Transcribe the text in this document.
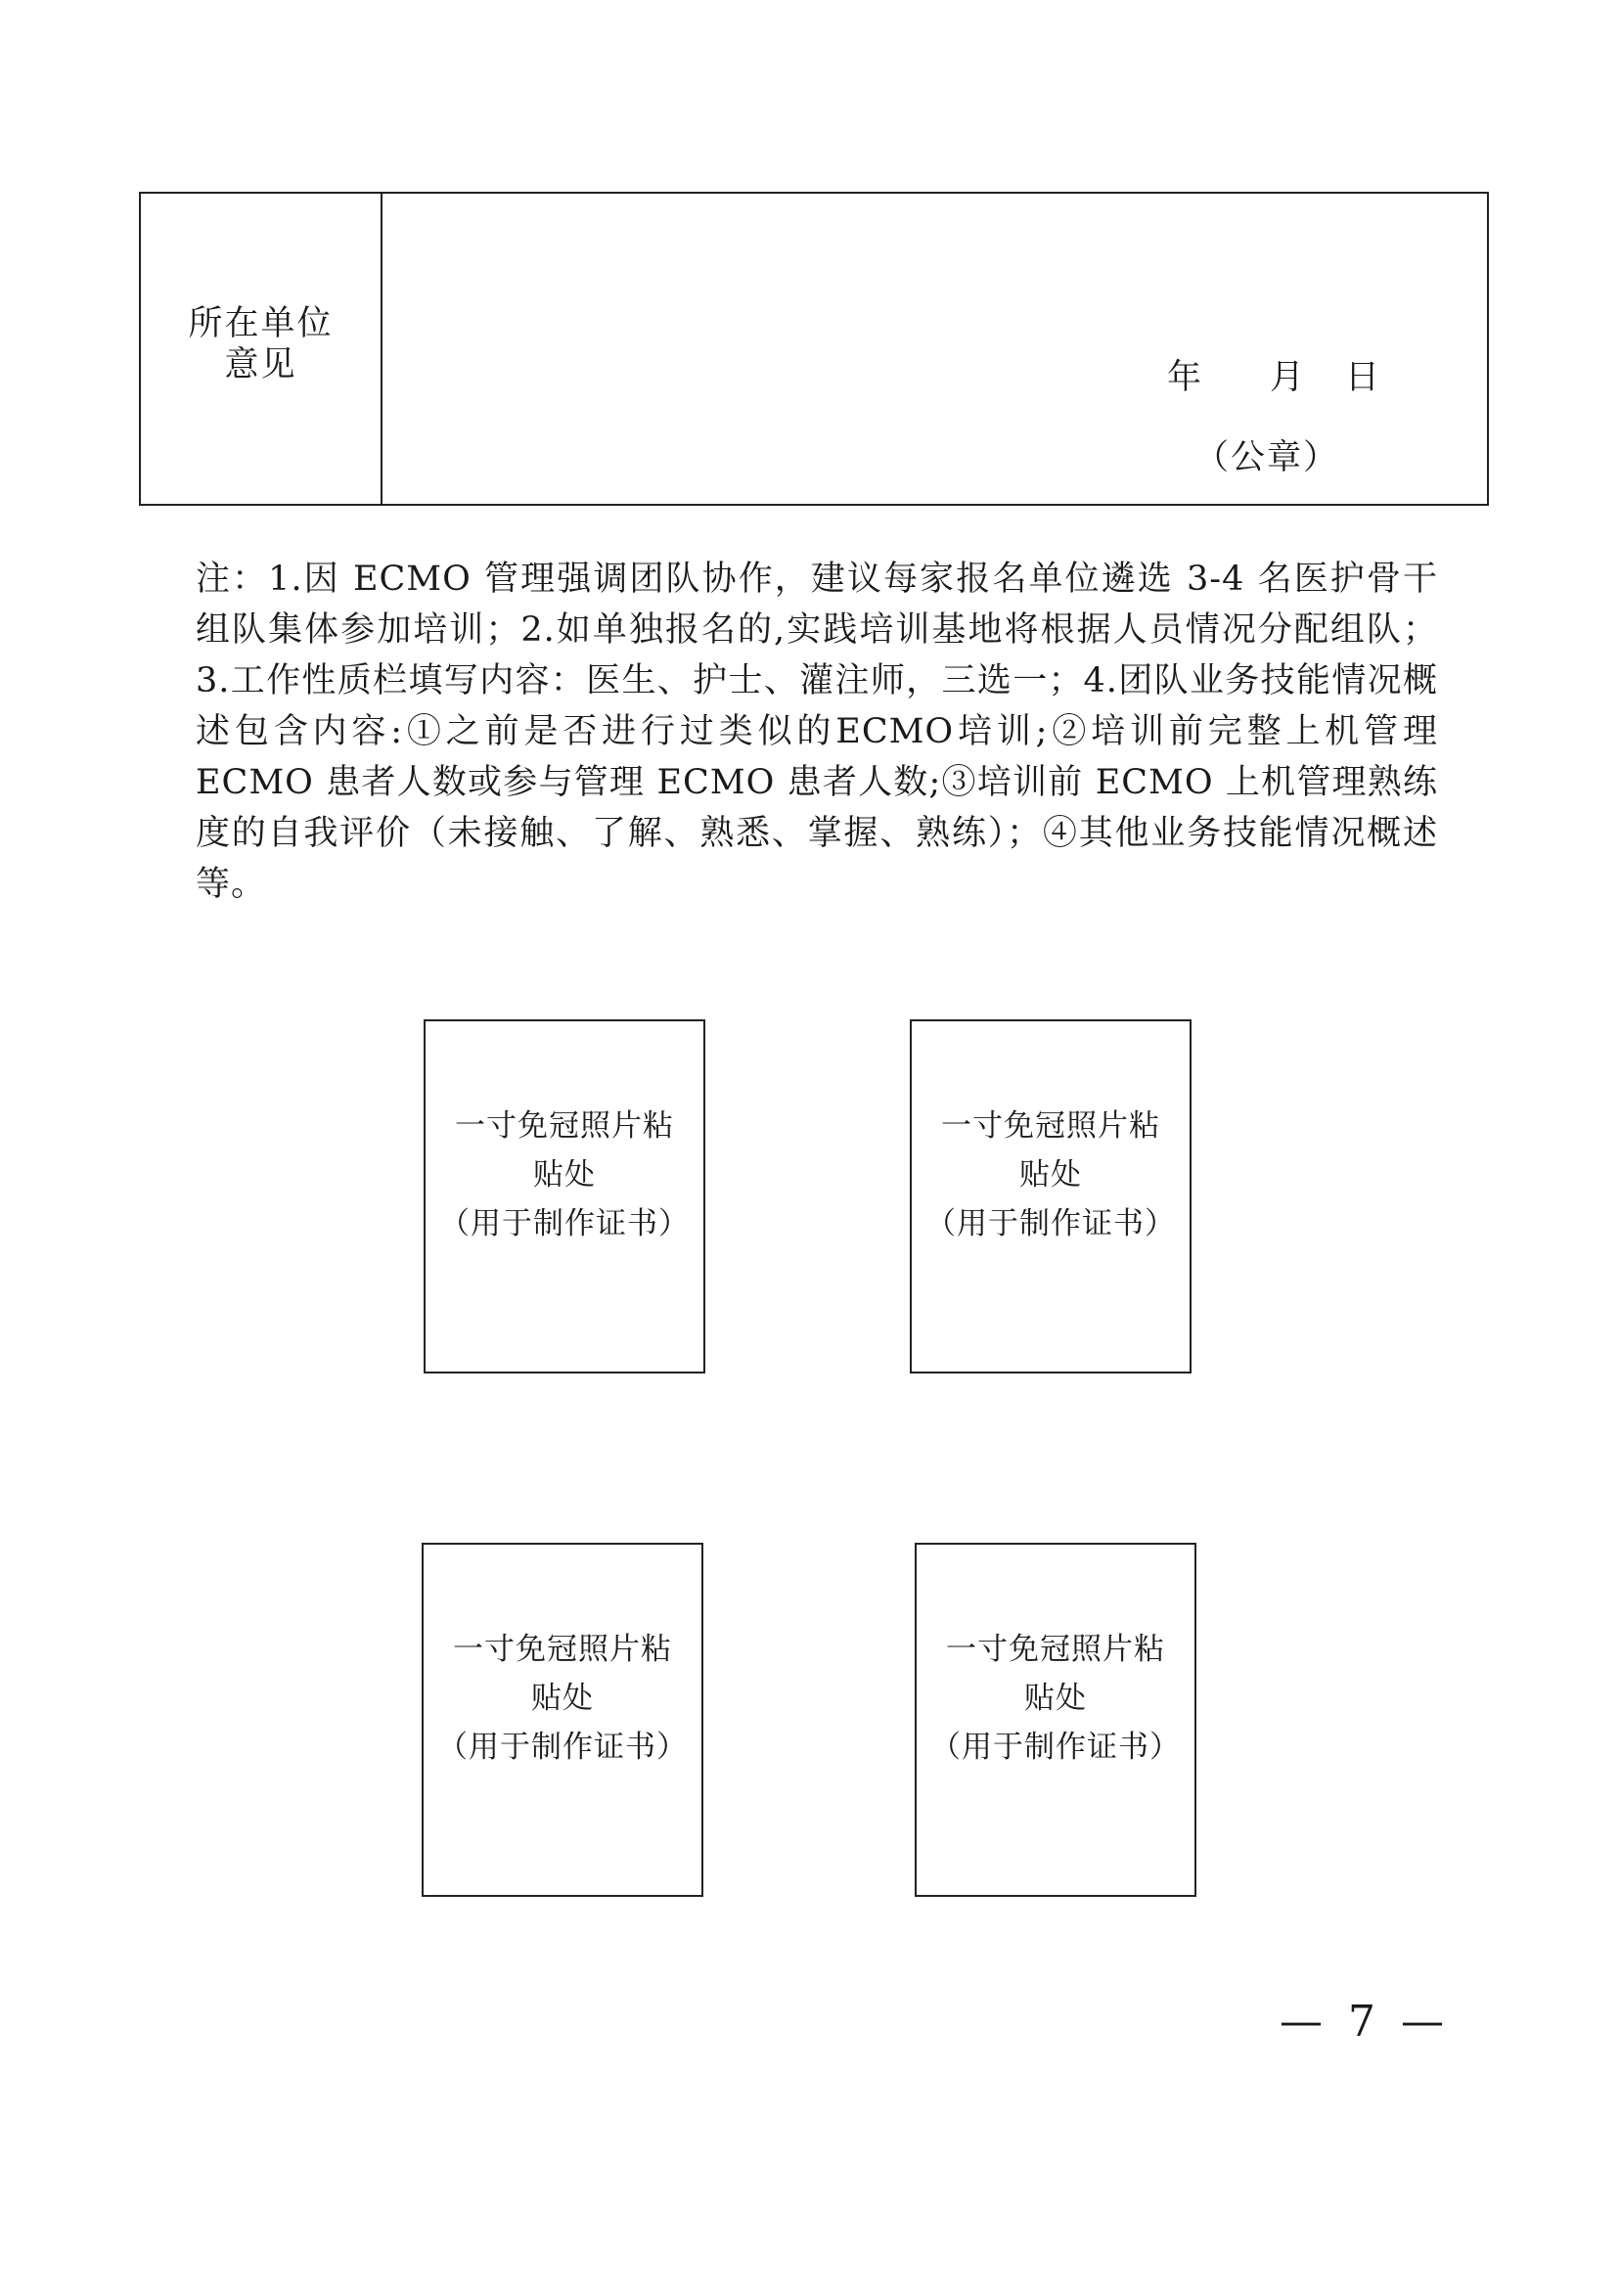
所在单位
意见	年 月 日
（公章）
注：1.因 ECMO 管理强调团队协作，建议每家报名单位遴选 3-4 名医护骨干组队集体参加培训；2.如单独报名的,实践培训基地将根据人员情况分配组队；3.工作性质栏填写内容：医生、护士、灌注师，三选一；4.团队业务技能情况概述包含内容:①之前是否进行过类似的ECMO培训;②培训前完整上机管理 ECMO 患者人数或参与管理 ECMO 患者人数;③培训前 ECMO 上机管理熟练度的自我评价（未接触、了解、熟悉、掌握、熟练）；④其他业务技能情况概述等。
一寸免冠照片粘
贴处
（用于制作证书）
一寸免冠照片粘
贴处
（用于制作证书）
一寸免冠照片粘
贴处
（用于制作证书）
一寸免冠照片粘
贴处
（用于制作证书）
— 7 —
